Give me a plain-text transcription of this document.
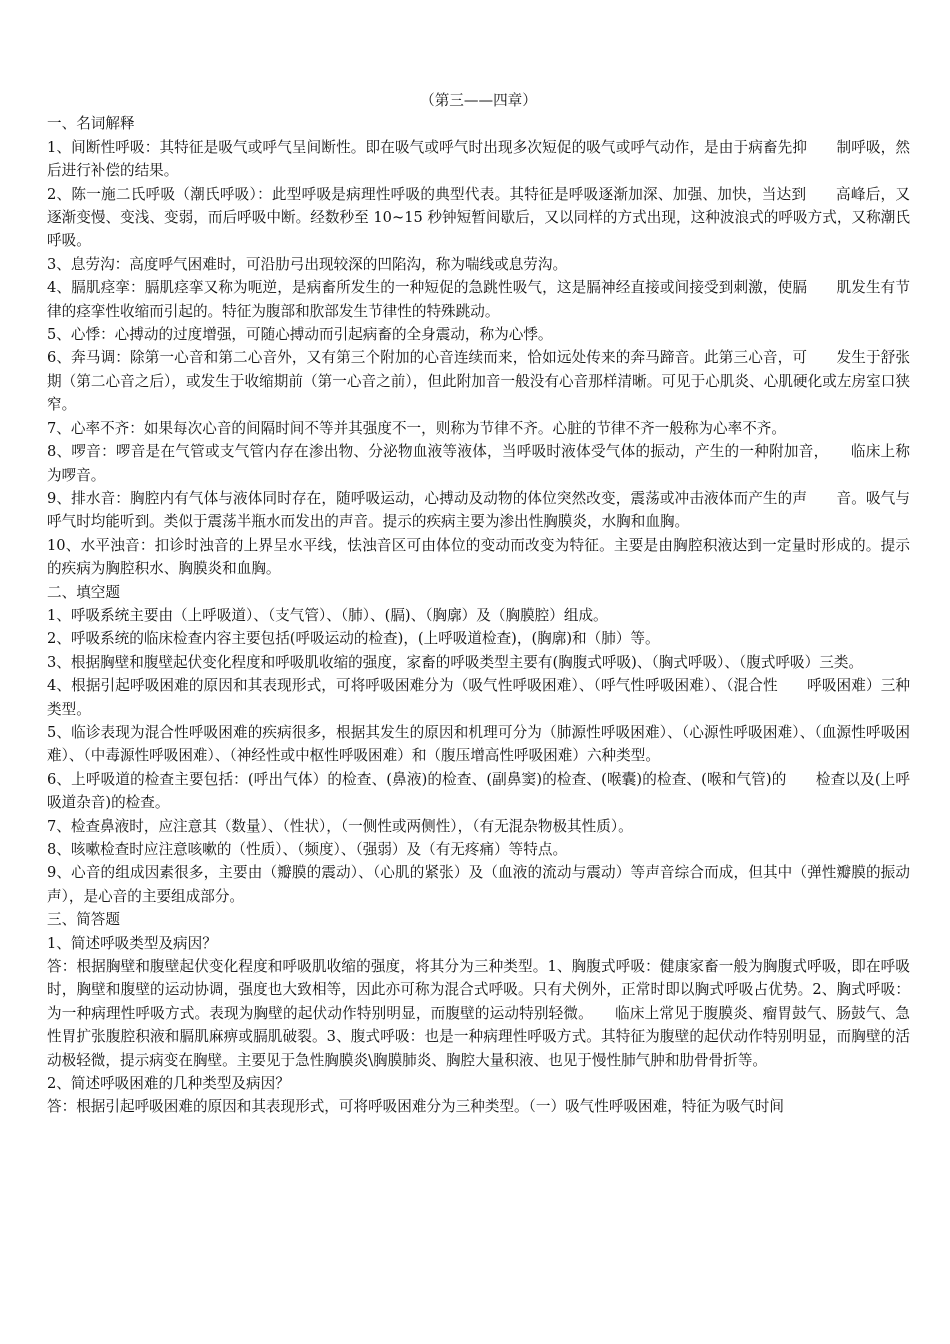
（第三——四章）

一、名词解释

1、间断性呼吸：其特征是吸气或呼气呈间断性。即在吸气或呼气时出现多次短促的吸气或呼气动作，是由于病畜先抑　　制呼吸，然后进行补偿的结果。

2、陈一施二氏呼吸（潮氏呼吸）：此型呼吸是病理性呼吸的典型代表。其特征是呼吸逐渐加深、加强、加快，当达到　　高峰后，又逐渐变慢、变浅、变弱，而后呼吸中断。经数秒至 10~15 秒钟短暂间歇后，又以同样的方式出现，这种波浪式的呼吸方式，又称潮氏呼吸。

3、息劳沟：高度呼气困难时，可沿肋弓出现较深的凹陷沟，称为喘线或息劳沟。

4、膈肌痉挛：膈肌痉挛又称为呃逆，是病畜所发生的一种短促的急跳性吸气，这是膈神经直接或间接受到刺激，使膈　　肌发生有节律的痉挛性收缩而引起的。特征为腹部和肷部发生节律性的特殊跳动。

5、心悸：心搏动的过度增强，可随心搏动而引起病畜的全身震动，称为心悸。

6、奔马调：除第一心音和第二心音外，又有第三个附加的心音连续而来，恰如远处传来的奔马蹄音。此第三心音，可　　发生于舒张期（第二心音之后），或发生于收缩期前（第一心音之前），但此附加音一般没有心音那样清晰。可见于心肌炎、心肌硬化或左房室口狭窄。

7、心率不齐：如果每次心音的间隔时间不等并其强度不一，则称为节律不齐。心脏的节律不齐一般称为心率不齐。

8、啰音：啰音是在气管或支气管内存在渗出物、分泌物血液等液体，当呼吸时液体受气体的振动，产生的一种附加音，　　临床上称为啰音。

9、排水音：胸腔内有气体与液体同时存在，随呼吸运动，心搏动及动物的体位突然改变，震荡或冲击液体而产生的声　　音。吸气与呼气时均能听到。类似于震荡半瓶水而发出的声音。提示的疾病主要为渗出性胸膜炎，水胸和血胸。

10、水平浊音：扣诊时浊音的上界呈水平线，怯浊音区可由体位的变动而改变为特征。主要是由胸腔积液达到一定量时形成的。提示的疾病为胸腔积水、胸膜炎和血胸。

二、填空题

1、呼吸系统主要由（上呼吸道）、（支气管）、（肺）、(膈)、（胸廓）及（胸膜腔）组成。

2、呼吸系统的临床检查内容主要包括(呼吸运动的检查)，(上呼吸道检查)，(胸廓)和（肺）等。

3、根据胸壁和腹壁起伏变化程度和呼吸肌收缩的强度，家畜的呼吸类型主要有(胸腹式呼吸)、（胸式呼吸）、（腹式呼吸）三类。

4、根据引起呼吸困难的原因和其表现形式，可将呼吸困难分为（吸气性呼吸困难）、（呼气性呼吸困难）、（混合性　　呼吸困难）三种类型。

5、临诊表现为混合性呼吸困难的疾病很多，根据其发生的原因和机理可分为（肺源性呼吸困难）、（心源性呼吸困难）、（血源性呼吸困难）、（中毒源性呼吸困难）、（神经性或中枢性呼吸困难）和（腹压增高性呼吸困难）六种类型。

6、上呼吸道的检查主要包括：(呼出气体）的检查、(鼻液)的检查、(副鼻窦)的检查、(喉囊)的检查、(喉和气管)的　　检查以及(上呼吸道杂音)的检查。

7、检查鼻液时，应注意其（数量）、（性状），（一侧性或两侧性），（有无混杂物极其性质）。

8、咳嗽检查时应注意咳嗽的（性质）、（频度）、（强弱）及（有无疼痛）等特点。

9、心音的组成因素很多，主要由（瓣膜的震动）、（心肌的紧张）及（血液的流动与震动）等声音综合而成，但其中（弹性瓣膜的振动声），是心音的主要组成部分。

三、简答题

1、简述呼吸类型及病因？

答：根据胸壁和腹壁起伏变化程度和呼吸肌收缩的强度，将其分为三种类型。1、胸腹式呼吸：健康家畜一般为胸腹式呼吸，即在呼吸时，胸壁和腹壁的运动协调，强度也大致相等，因此亦可称为混合式呼吸。只有犬例外，正常时即以胸式呼吸占优势。2、胸式呼吸：为一种病理性呼吸方式。表现为胸壁的起伏动作特别明显，而腹壁的运动特别轻微。　　临床上常见于腹膜炎、瘤胃鼓气、肠鼓气、急性胃扩张腹腔积液和膈肌麻痹或膈肌破裂。3、腹式呼吸：也是一种病理性呼吸方式。其特征为腹壁的起伏动作特别明显，而胸壁的活动极轻微，提示病变在胸壁。主要见于急性胸膜炎\胸膜肺炎、胸腔大量积液、也见于慢性肺气肿和肋骨骨折等。

2、简述呼吸困难的几种类型及病因？

答：根据引起呼吸困难的原因和其表现形式，可将呼吸困难分为三种类型。（一）吸气性呼吸困难，特征为吸气时间
